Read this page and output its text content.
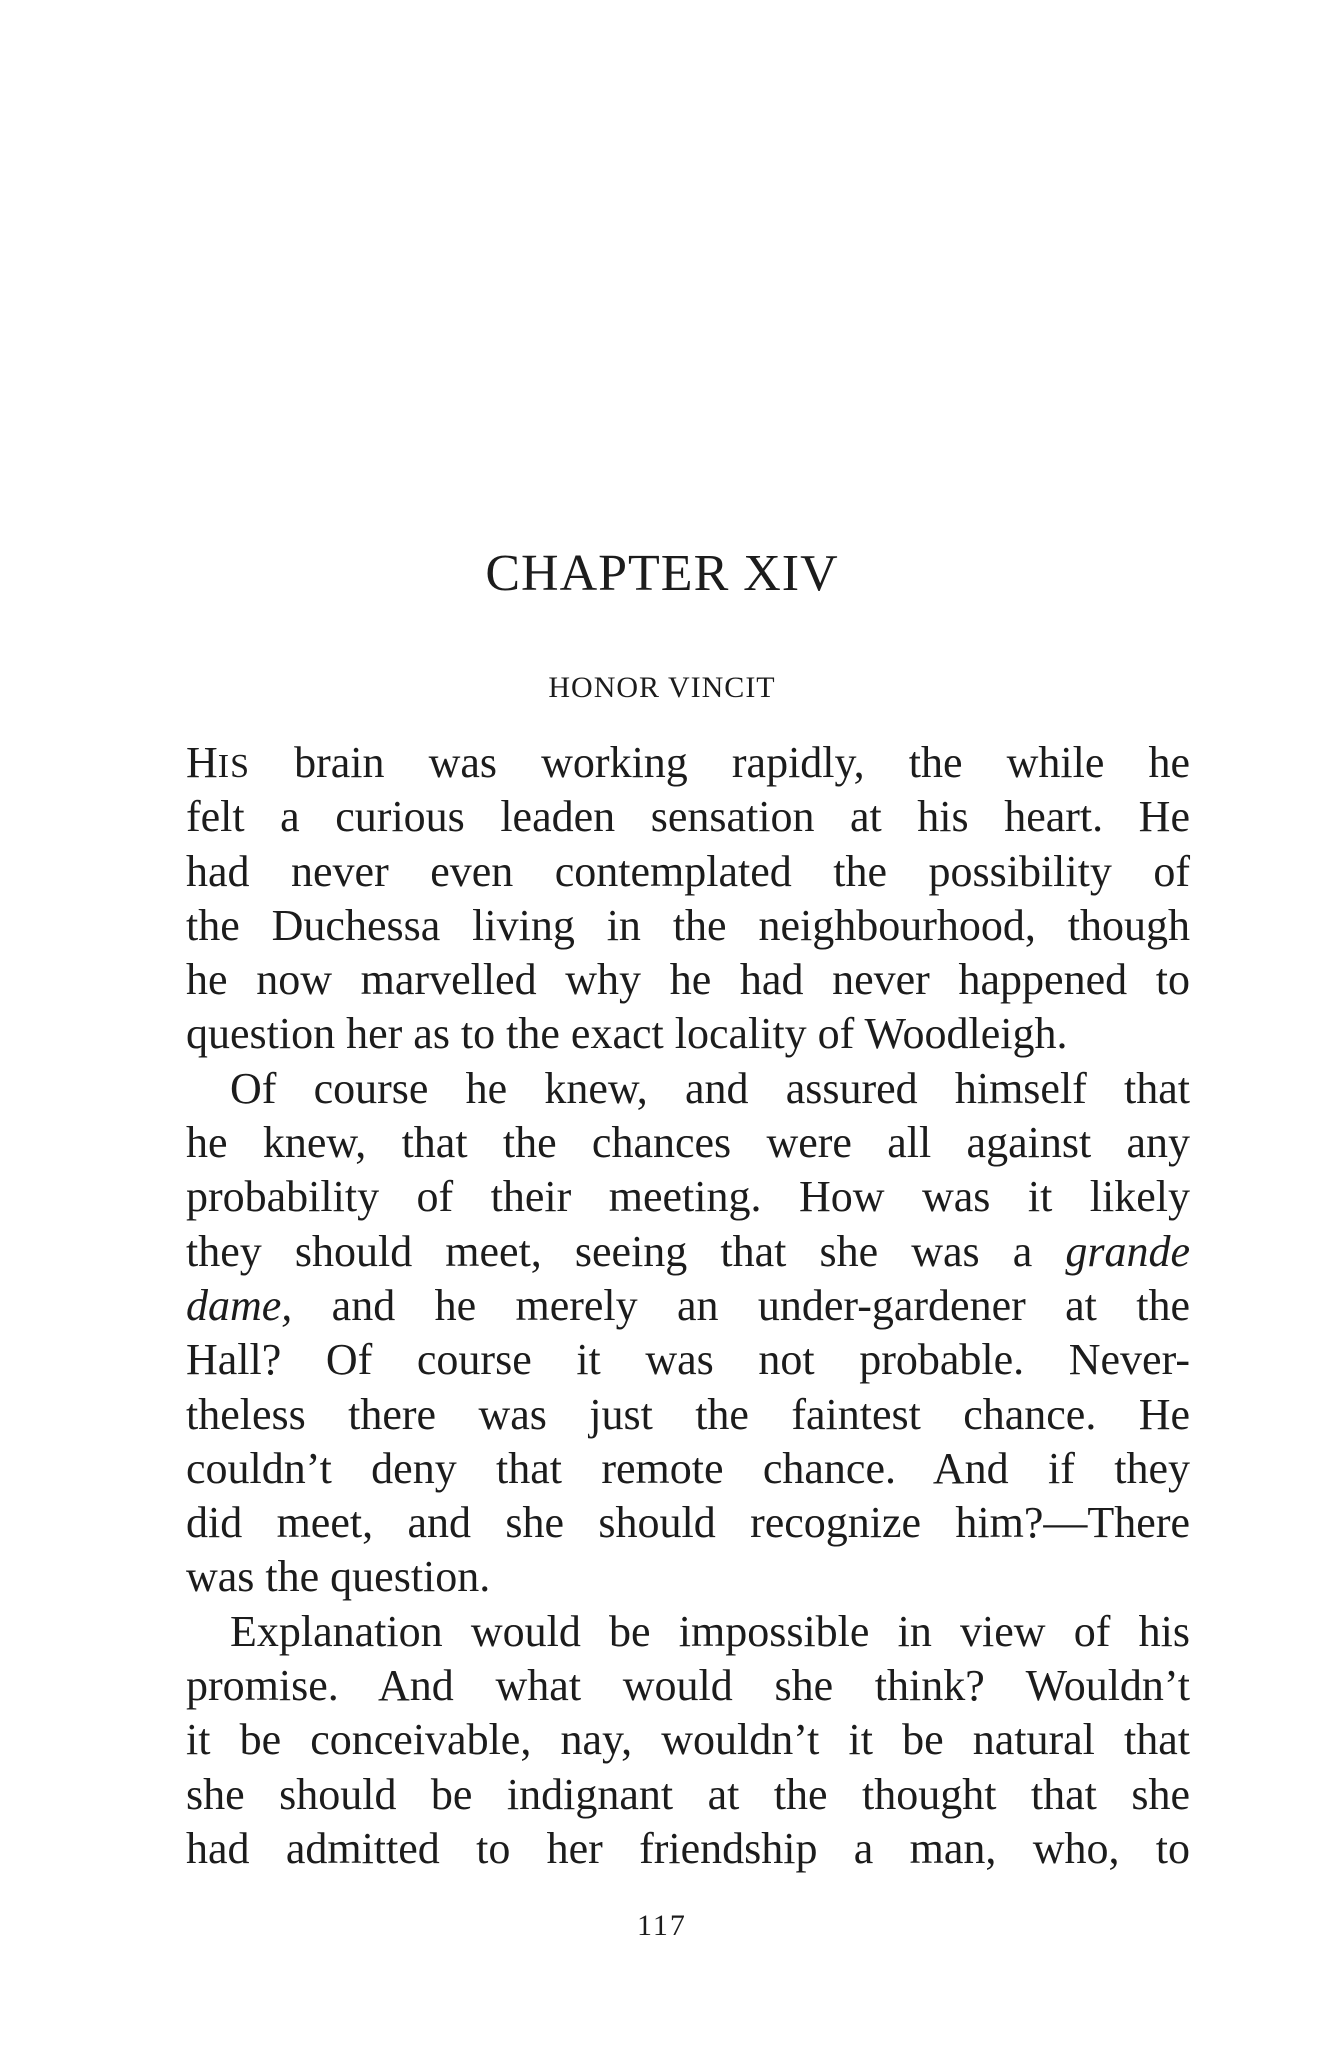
CHAPTER XIV
HONOR VINCIT
HIS brain was working rapidly, the while he
felt a curious leaden sensation at his heart. He
had never even contemplated the possibility of
the Duchessa living in the neighbourhood, though
he now marvelled why he had never happened to
question her as to the exact locality of Woodleigh.
Of course he knew, and assured himself that
he knew, that the chances were all against any
probability of their meeting. How was it likely
they should meet, seeing that she was a grande
dame, and he merely an under-gardener at the
Hall? Of course it was not probable. Never-
theless there was just the faintest chance. He
couldn’t deny that remote chance. And if they
did meet, and she should recognize him?—There
was the question.
Explanation would be impossible in view of his
promise. And what would she think? Wouldn’t
it be conceivable, nay, wouldn’t it be natural that
she should be indignant at the thought that she
had admitted to her friendship a man, who, to

117
